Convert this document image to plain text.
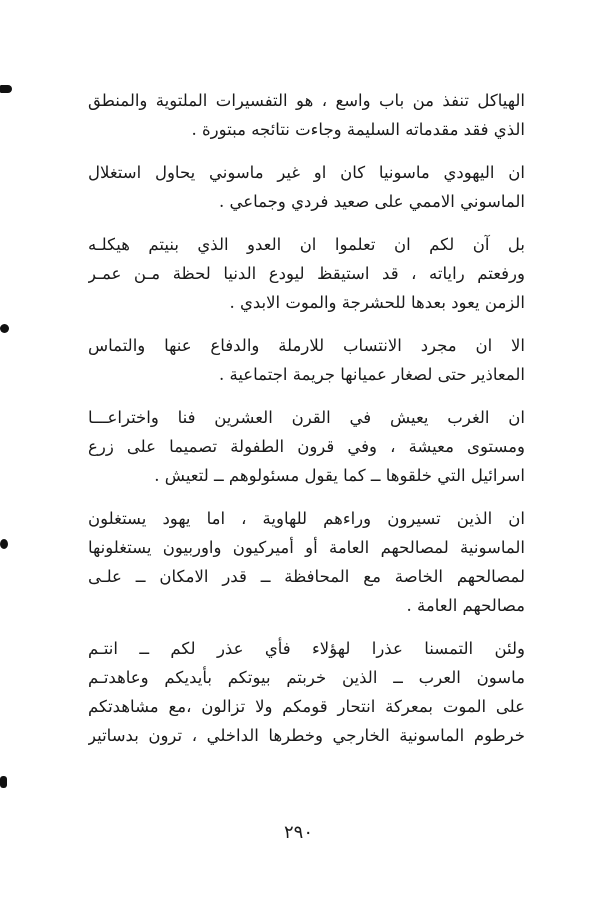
الهياكل تنفذ من باب واسع ، هو التفسيرات الملتوية والمنطق
الذي فقد مقدماته السليمة وجاءت نتائجه مبتورة .
ان اليهودي ماسونيا كان او غير ماسوني يحاول استغلال
الماسوني الاممي على صعيد فردي وجماعي .
بل آن لكم ان تعلموا ان العدو الذي بنيتم هيكلـه
ورفعتم راياته ، قد استيقظ ليودع الدنيا لحظة مـن عمـر
الزمن يعود بعدها للحشرجة والموت الابدي .
الا ان مجرد الانتساب للارملة والدفاع عنها والتماس
المعاذير حتى لصغار عميانها جريمة اجتماعية .
ان الغرب يعيش في القرن العشرين فنا واختراعـــا
ومستوى معيشة ، وفي قرون الطفولة تصميما على زرع
اسرائيل التي خلقوها ــ كما يقول مسئولوهم ــ لتعيش .
ان الذين تسيرون وراءهم للهاوية ، اما يهود يستغلون
الماسونية لمصالحهم العامة أو أميركيون واوربيون يستغلونها
لمصالحهم الخاصة مع المحافظة ــ قدر الامكان ــ علـى
مصالحهم العامة .
ولئن التمسنا عذرا لهؤلاء فأي عذر لكم ــ انتـم
ماسون العرب ــ الذين خربتم بيوتكم بأيديكم وعاهدتـم
على الموت بمعركة انتحار قومكم ولا تزالون ،مع مشاهدتكم
خرطوم الماسونية الخارجي وخطرها الداخلي ، ترون بدساتير
٢٩٠
